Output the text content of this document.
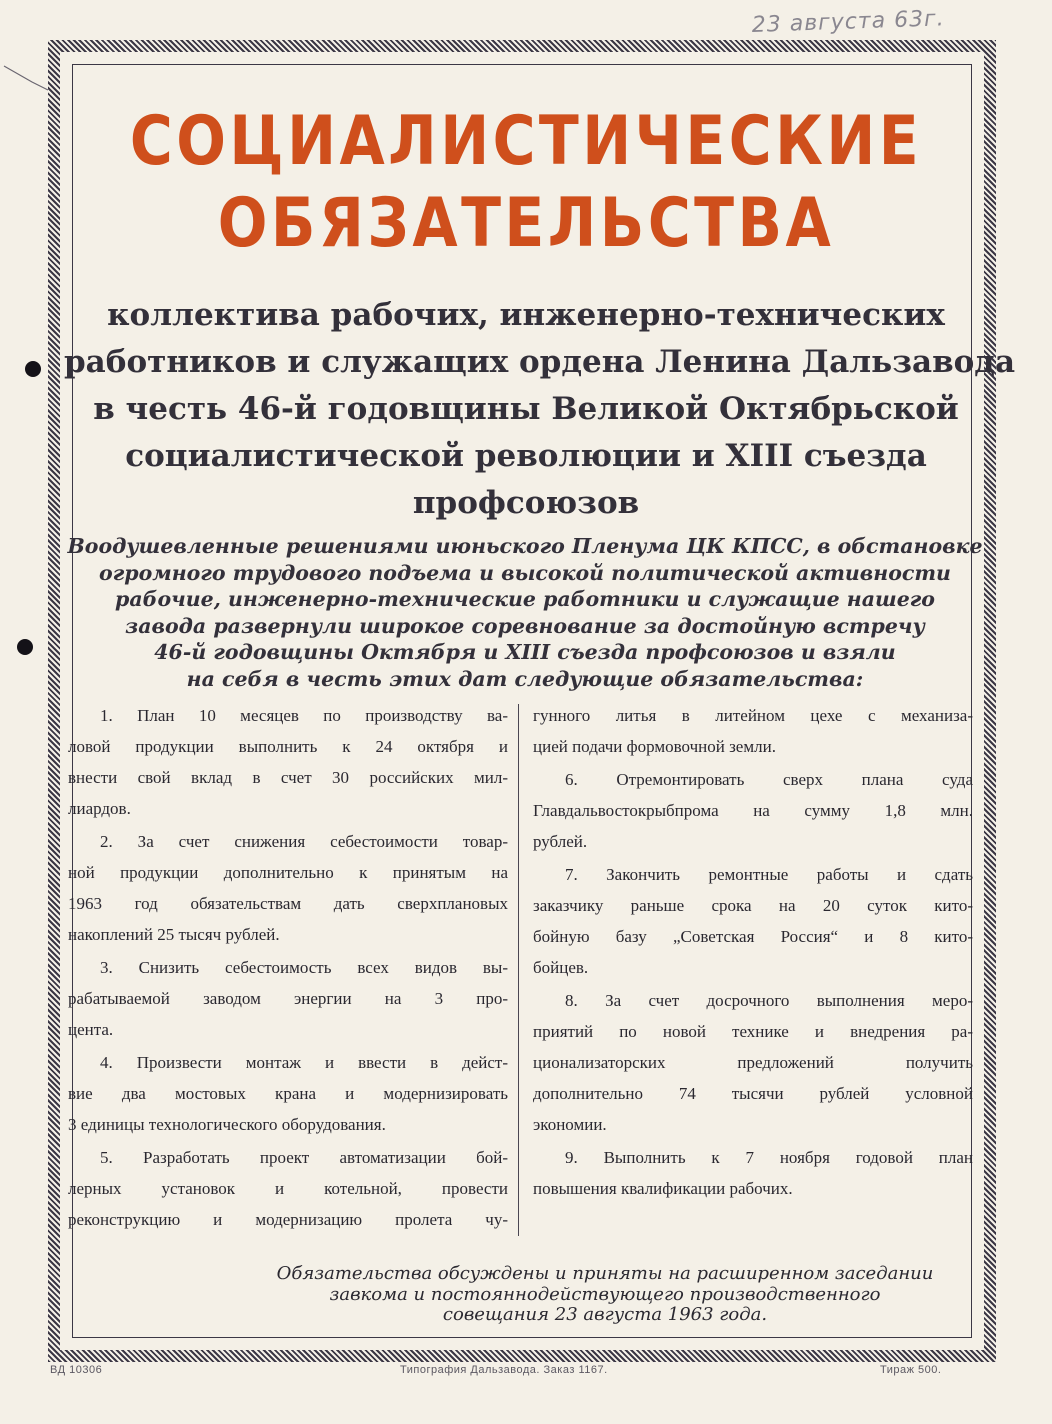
23 августа 63г.
СОЦИАЛИСТИЧЕСКИЕ
ОБЯЗАТЕЛЬСТВА
коллектива рабочих, инженерно-технических
работников и служащих ордена Ленина Дальзавода
в честь 46-й годовщины Великой Октябрьской
социалистической революции и XIII съезда
профсоюзов
Воодушевленные решениями июньского Пленума ЦК КПСС, в обстановке
огромного трудового подъема и высокой политической активности
рабочие, инженерно-технические работники и служащие нашего
завода развернули широкое соревнование за достойную встречу
46-й годовщины Октября и XIII съезда профсоюзов и взяли
на себя в честь этих дат следующие обязательства:

1. План 10 месяцев по производству ва-
ловой продукции выполнить к 24 октября и
внести свой вклад в счет 30 российских мил-
лиардов.

2. За счет снижения себестоимости товар-
ной продукции дополнительно к принятым на
1963 год обязательствам дать сверхплановых
накоплений 25 тысяч рублей.

3. Снизить себестоимость всех видов вы-
рабатываемой заводом энергии на 3 про-
цента.

4. Произвести монтаж и ввести в дейст-
вие два мостовых крана и модернизировать
3 единицы технологического оборудования.

5. Разработать проект автоматизации бой-
лерных установок и котельной, провести
реконструкцию и модернизацию пролета чу-

гунного литья в литейном цехе с механиза-
цией подачи формовочной земли.

6. Отремонтировать сверх плана суда
Главдальвостокрыбпрома на сумму 1,8 млн.
рублей.

7. Закончить ремонтные работы и сдать
заказчику раньше срока на 20 суток кито-
бойную базу „Советская Россия“ и 8 кито-
бойцев.

8. За счет досрочного выполнения меро-
приятий по новой технике и внедрения ра-
ционализаторских предложений получить
дополнительно 74 тысячи рублей условной
экономии.

9. Выполнить к 7 ноября годовой план
повышения квалификации рабочих.

Обязательства обсуждены и приняты на расширенном заседании
завкома и постояннодействующего производственного
совещания 23 августа 1963 года.
ВД 10306	Типография Дальзавода. Заказ 1167.	Тираж 500.
